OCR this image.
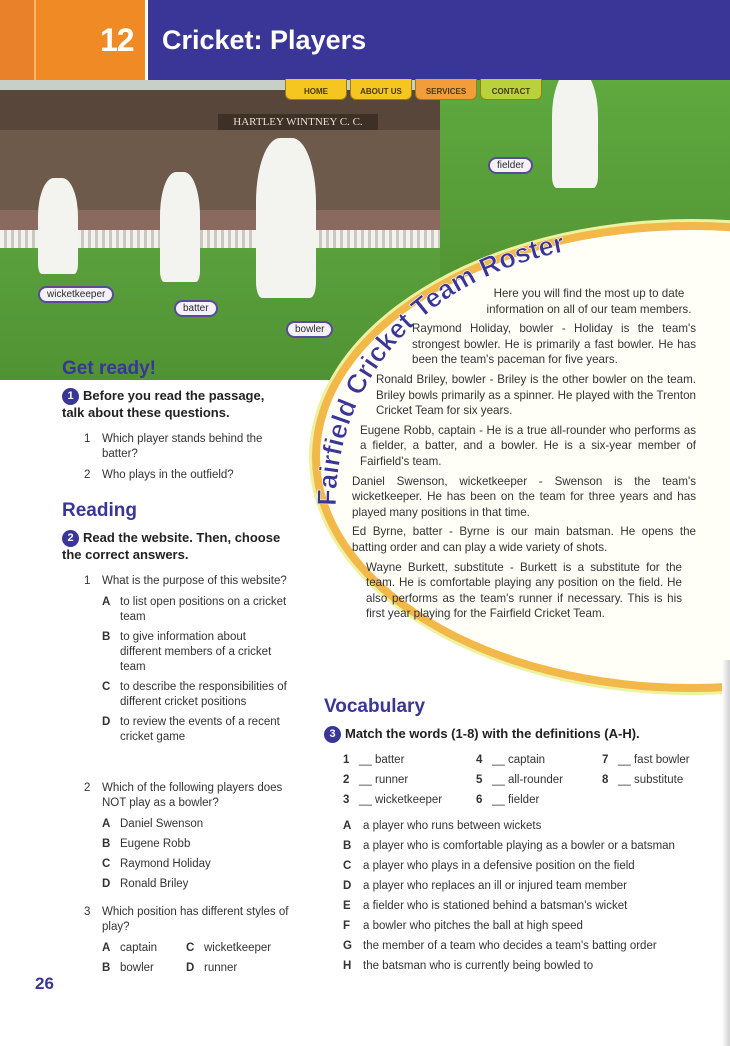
12 Cricket: Players
HARTLEY WINTNEY C. C.
HOME	ABOUT US	SERVICES	CONTACT
fielder
wicketkeeper
batter
bowler
Fairfield Cricket Team Roster

Here you will find the most up to date information on all of our team members.

Raymond Holiday, bowler - Holiday is the team's strongest bowler. He is primarily a fast bowler. He has been the team's paceman for five years.

Ronald Briley, bowler - Briley is the other bowler on the team. Briley bowls primarily as a spinner. He played with the Trenton Cricket Team for six years.

Eugene Robb, captain - He is a true all-rounder who performs as a fielder, a batter, and a bowler. He is a six-year member of Fairfield's team.

Daniel Swenson, wicketkeeper - Swenson is the team's wicketkeeper. He has been on the team for three years and has played many positions in that time.

Ed Byrne, batter - Byrne is our main batsman. He opens the batting order and can play a wide variety of shots.

Wayne Burkett, substitute - Burkett is a substitute for the team. He is comfortable playing any position on the field. He also performs as the team's runner if necessary. This is his first year playing for the Fairfield Cricket Team.

Get ready!
1 Before you read the passage, talk about these questions.
1	Which player stands behind the batter?
2	Who plays in the outfield?
Reading
2 Read the website. Then, choose the correct answers.
1	What is the purpose of this website?
A to list open positions on a cricket team
B to give information about different members of a cricket team
C to describe the responsibilities of different cricket positions
D to review the events of a recent cricket game
2	Which of the following players does NOT play as a bowler?
A Daniel Swenson
B Eugene Robb
C Raymond Holiday
D Ronald Briley
3	Which position has different styles of play?
A captain	C wicketkeeper
B bowler	D runner
26
Vocabulary
3 Match the words (1-8) with the definitions (A-H).
1 __ batter
2 __ runner
3 __ wicketkeeper
4 __ captain
5 __ all-rounder
6 __ fielder
7 __ fast bowler
8 __ substitute
A	a player who runs between wickets
B	a player who is comfortable playing as a bowler or a batsman
C	a player who plays in a defensive position on the field
D	a player who replaces an ill or injured team member
E	a fielder who is stationed behind a batsman's wicket
F	a bowler who pitches the ball at high speed
G the member of a team who decides a team's batting order
H	the batsman who is currently being bowled to
